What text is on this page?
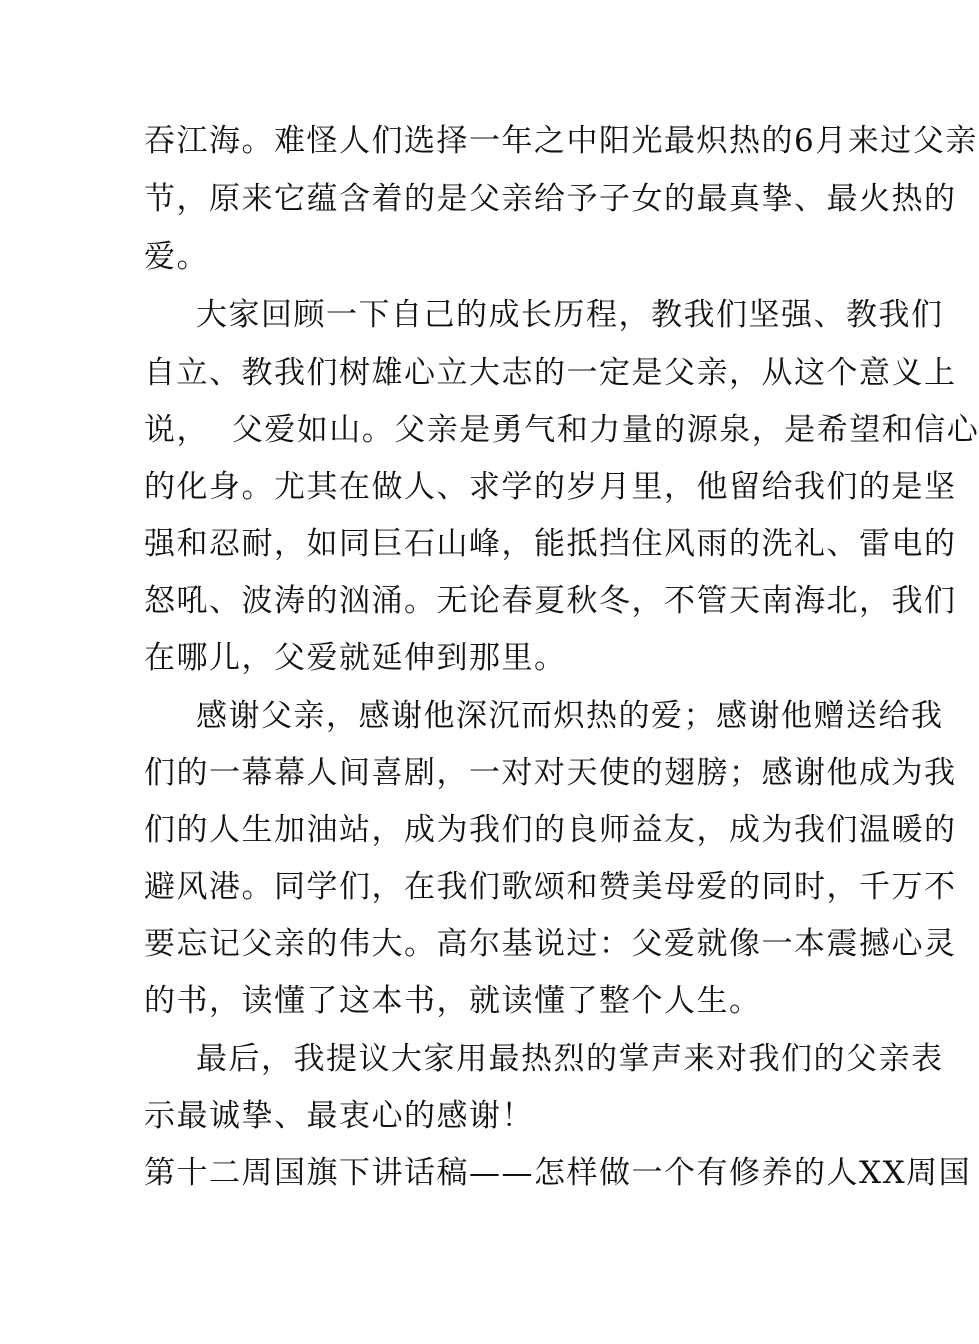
吞江海。难怪人们选择一年之中阳光最炽热的6月来过父亲
节，原来它蕴含着的是父亲给予子女的最真挚、最火热的
爱。
大家回顾一下自己的成长历程，教我们坚强、教我们
自立、教我们树雄心立大志的一定是父亲，从这个意义上
说，  父爱如山。父亲是勇气和力量的源泉，是希望和信心
的化身。尤其在做人、求学的岁月里，他留给我们的是坚
强和忍耐，如同巨石山峰，能抵挡住风雨的洗礼、雷电的
怒吼、波涛的汹涌。无论春夏秋冬，不管天南海北，我们
在哪儿，父爱就延伸到那里。
感谢父亲，感谢他深沉而炽热的爱；感谢他赠送给我
们的一幕幕人间喜剧，一对对天使的翅膀；感谢他成为我
们的人生加油站，成为我们的良师益友，成为我们温暖的
避风港。同学们，在我们歌颂和赞美母爱的同时，千万不
要忘记父亲的伟大。高尔基说过：父爱就像一本震撼心灵
的书，读懂了这本书，就读懂了整个人生。
最后，我提议大家用最热烈的掌声来对我们的父亲表
示最诚挚、最衷心的感谢！
第十二周国旗下讲话稿——怎样做一个有修养的人XX周国
